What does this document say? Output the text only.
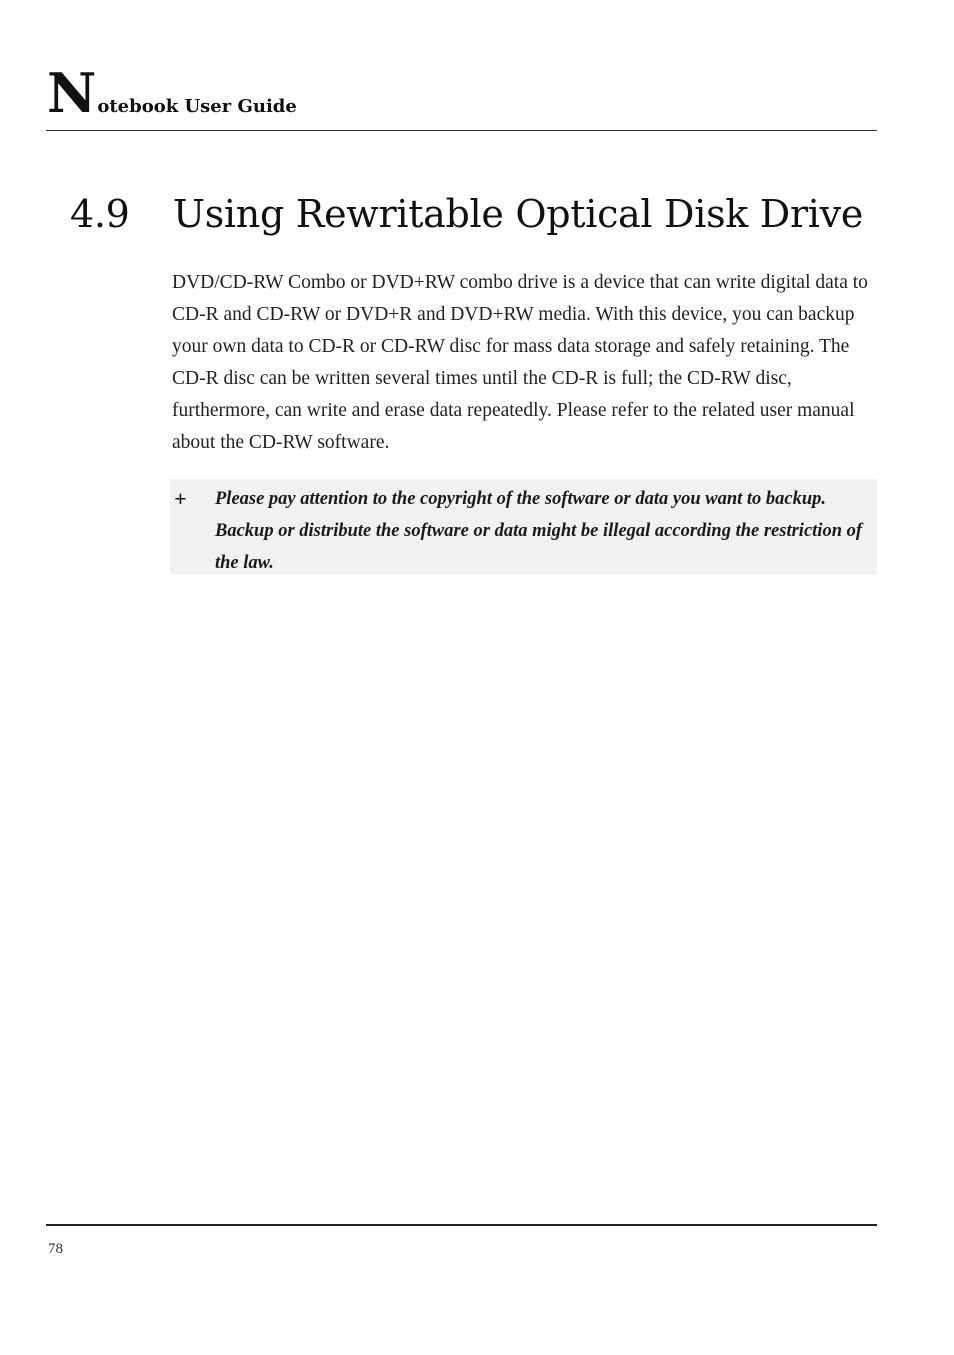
Notebook User Guide
4.9 Using Rewritable Optical Disk Drive

DVD/CD-RW Combo or DVD+RW combo drive is a device that can write digital data to CD-R and CD-RW or DVD+R and DVD+RW media. With this device, you can backup your own data to CD-R or CD-RW disc for mass data storage and safely retaining. The CD-R disc can be written several times until the CD-R is full; the CD-RW disc, furthermore, can write and erase data repeatedly. Please refer to the related user manual about the CD-RW software.

+ Please pay attention to the copyright of the software or data you want to backup. Backup or distribute the software or data might be illegal according the restriction of the law.

78
